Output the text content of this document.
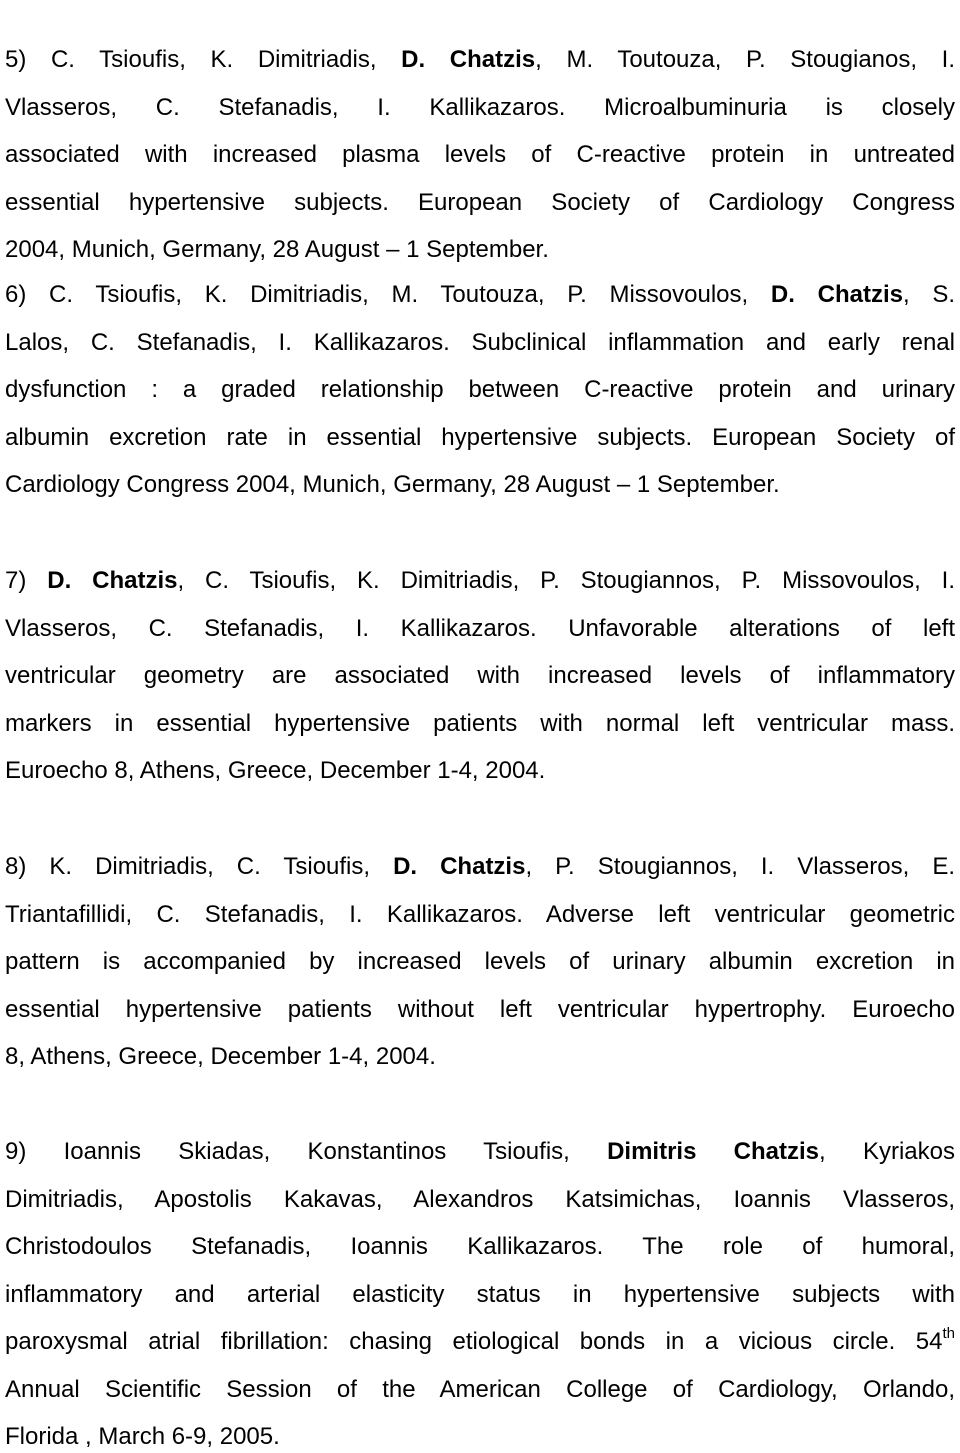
5) C. Tsioufis, K. Dimitriadis, D. Chatzis, M. Toutouza, P. Stougianos, I.
Vlasseros, C. Stefanadis, I. Kallikazaros. Microalbuminuria is closely
associated with increased plasma levels of C-reactive protein in untreated
essential hypertensive subjects. European Society of Cardiology Congress
2004, Munich, Germany, 28 August – 1 September.
6) C. Tsioufis, K. Dimitriadis, M. Toutouza, P. Missovoulos, D. Chatzis, S.
Lalos, C. Stefanadis, I. Kallikazaros. Subclinical inflammation and early renal
dysfunction : a graded relationship between C-reactive protein and urinary
albumin excretion rate in essential hypertensive subjects. European Society of
Cardiology Congress 2004, Munich, Germany, 28 August – 1 September.
7) D. Chatzis, C. Tsioufis, K. Dimitriadis, P. Stougiannos, P. Missovoulos, I.
Vlasseros, C. Stefanadis, I. Kallikazaros. Unfavorable alterations of left
ventricular geometry are associated with increased levels of inflammatory
markers in essential hypertensive patients with normal left ventricular mass.
Euroecho 8, Athens, Greece, December 1-4, 2004.
8) K. Dimitriadis, C. Tsioufis, D. Chatzis, P. Stougiannos, I. Vlasseros, E.
Triantafillidi, C. Stefanadis, I. Kallikazaros. Adverse left ventricular geometric
pattern is accompanied by increased levels of urinary albumin excretion in
essential hypertensive patients without left ventricular hypertrophy. Euroecho
8, Athens, Greece, December 1-4, 2004.
9) Ioannis Skiadas, Konstantinos Tsioufis, Dimitris Chatzis, Kyriakos
Dimitriadis, Apostolis Kakavas, Alexandros Katsimichas, Ioannis Vlasseros,
Christodoulos Stefanadis, Ioannis Kallikazaros. The role of humoral,
inflammatory and arterial elasticity status in hypertensive subjects with
paroxysmal atrial fibrillation: chasing etiological bonds in a vicious circle. 54th
Annual Scientific Session of the American College of Cardiology, Orlando,
Florida , March 6-9, 2005.
